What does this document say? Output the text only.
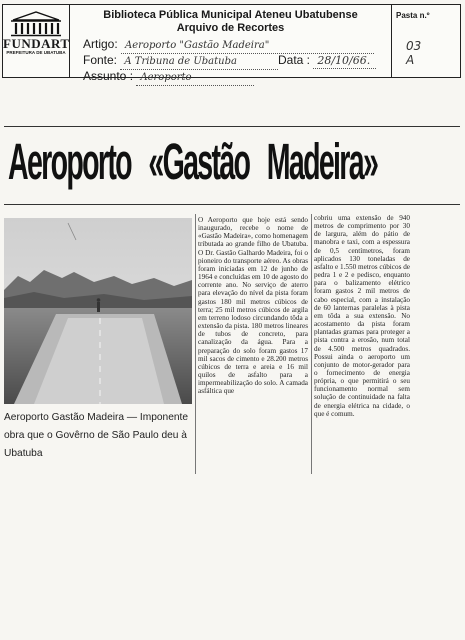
FUNDART
PREFEITURA DE UBATUBA
Biblioteca Pública Municipal Ateneu Ubatubense
Arquivo de Recortes
Artigo: Aeroporto "Gastão Madeira"
Fonte: A Tribuna de Ubatuba	Data : 28/10/66.
Assunto : Aeroporto
Pasta n.º
03
A
Aeroporto «Gastão Madeira»
Aeroporto Gastão Madeira — Imponente obra que o Govêrno de São Paulo deu à Ubatuba
O Aeroporto que hoje está sendo inaugurado, recebe o nome de «Gastão Madeira», como homenagem tributada ao grande filho de Ubatuba. O Dr. Gastão Galhardo Madeira, foi o pioneiro do transporte aéreo. As obras foram iniciadas em 12 de junho de 1964 e concluídas em 10 de agosto do corrente ano. No serviço de aterro para elevação do nível da pista foram gastos 180 mil metros cúbicos de terra; 25 mil metros cúbicos de argila em terreno lodoso circundando tôda a extensão da pista. 180 metros lineares de tubos de concreto, para canalização da água. Para a preparação do solo foram gastos 17 mil sacos de cimento e 28.200 metros cúbicos de terra e areia e 16 mil quilos de asfalto para a impermeabilização do solo. A camada asfáltica que
cobriu uma extensão de 940 metros de comprimento por 30 de largura, além do pátio de manobra e taxi, com a espessura de 0,5 centímetros, foram aplicados 130 toneladas de asfalto e 1.550 metros cúbicos de pedra 1 e 2 e pedisco, enquanto para o balizamento elétrico foram gastos 2 mil metros de cabo especial, com a instalação de 60 lanternas paralelas à pista em tôda a sua extensão. No acostamento da pista foram plantadas gramas para proteger a pista contra a erosão, num total de 4.500 metros quadrados. Possui ainda o aeroporto um conjunto de motor-gerador para o fornecimento de energia própria, o que permitirá o seu funcionamento normal sem solução de continuidade na falta de energia elétrica na cidade, o que é comum.
